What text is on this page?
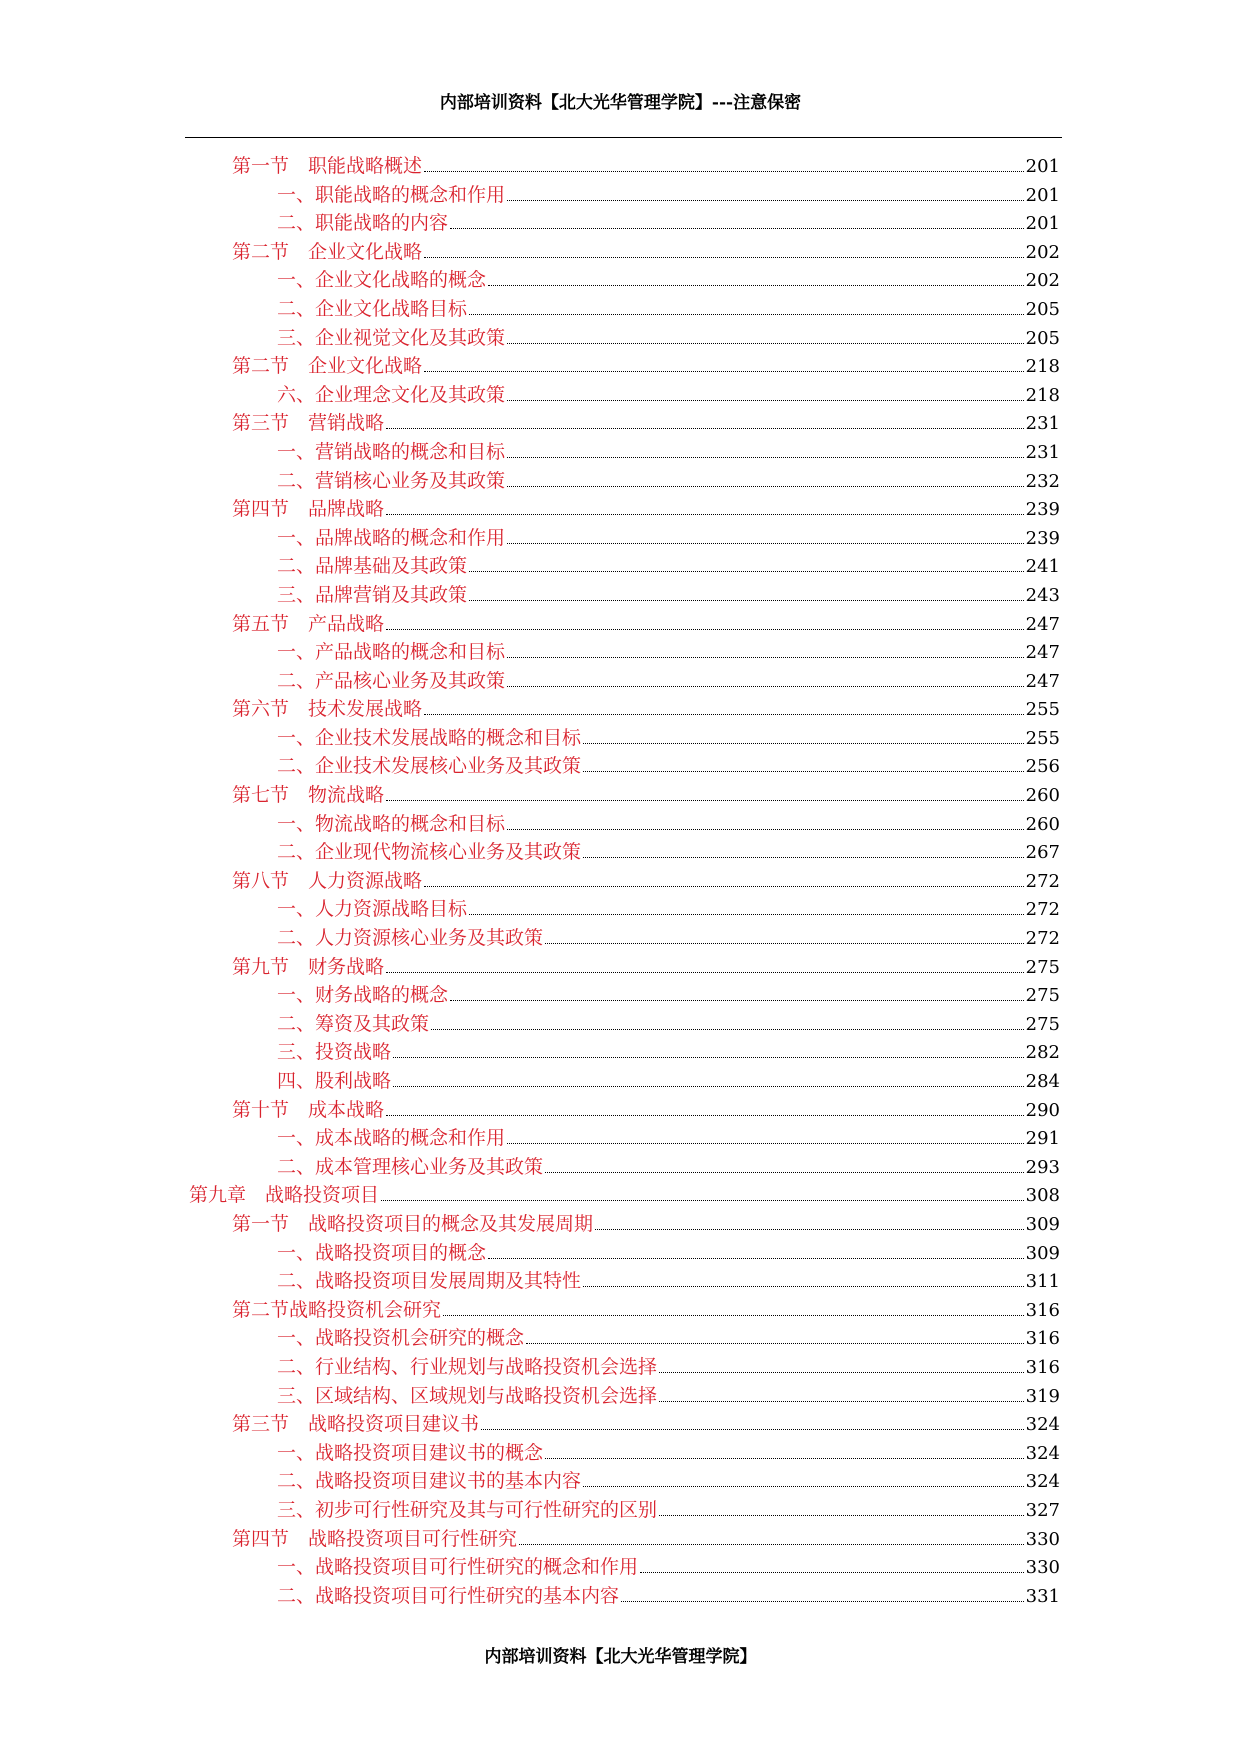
内部培训资料【北大光华管理学院】---注意保密
第一节　职能战略概述	201
一、职能战略的概念和作用	201
二、职能战略的内容	201
第二节　企业文化战略	202
一、企业文化战略的概念	202
二、企业文化战略目标	205
三、企业视觉文化及其政策	205
第二节　企业文化战略	218
六、企业理念文化及其政策	218
第三节　营销战略	231
一、营销战略的概念和目标	231
二、营销核心业务及其政策	232
第四节　品牌战略	239
一、品牌战略的概念和作用	239
二、品牌基础及其政策	241
三、品牌营销及其政策	243
第五节　产品战略	247
一、产品战略的概念和目标	247
二、产品核心业务及其政策	247
第六节　技术发展战略	255
一、企业技术发展战略的概念和目标	255
二、企业技术发展核心业务及其政策	256
第七节　物流战略	260
一、物流战略的概念和目标	260
二、企业现代物流核心业务及其政策	267
第八节　人力资源战略	272
一、人力资源战略目标	272
二、人力资源核心业务及其政策	272
第九节　财务战略	275
一、财务战略的概念	275
二、筹资及其政策	275
三、投资战略	282
四、股利战略	284
第十节　成本战略	290
一、成本战略的概念和作用	291
二、成本管理核心业务及其政策	293
第九章　战略投资项目	308
第一节　战略投资项目的概念及其发展周期	309
一、战略投资项目的概念	309
二、战略投资项目发展周期及其特性	311
第二节战略投资机会研究	316
一、战略投资机会研究的概念	316
二、行业结构、行业规划与战略投资机会选择	316
三、区域结构、区域规划与战略投资机会选择	319
第三节　战略投资项目建议书	324
一、战略投资项目建议书的概念	324
二、战略投资项目建议书的基本内容	324
三、初步可行性研究及其与可行性研究的区别	327
第四节　战略投资项目可行性研究	330
一、战略投资项目可行性研究的概念和作用	330
二、战略投资项目可行性研究的基本内容	331
内部培训资料【北大光华管理学院】
